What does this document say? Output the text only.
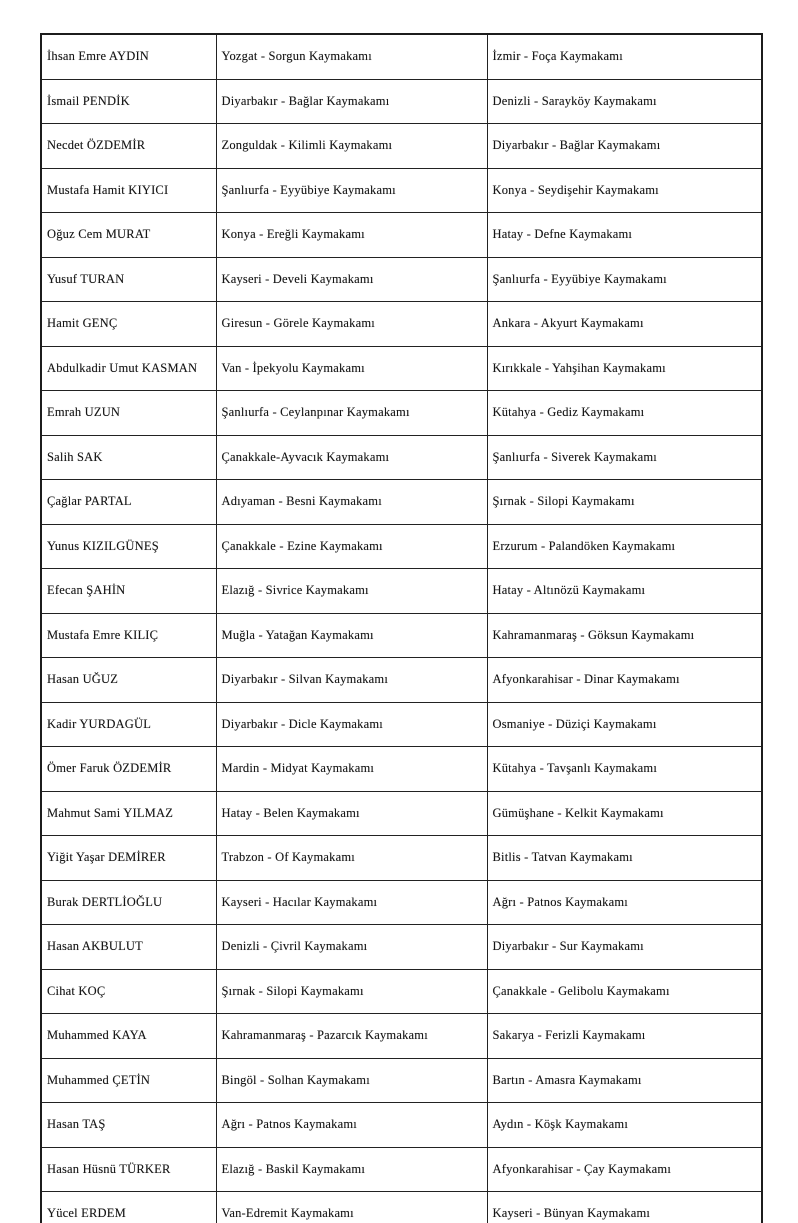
İhsan Emre AYDIN	Yozgat - Sorgun Kaymakamı	İzmir - Foça Kaymakamı
İsmail PENDİK	Diyarbakır - Bağlar Kaymakamı	Denizli - Sarayköy Kaymakamı
Necdet ÖZDEMİR	Zonguldak - Kilimli Kaymakamı	Diyarbakır - Bağlar Kaymakamı
Mustafa Hamit KIYICI	Şanlıurfa - Eyyübiye Kaymakamı	Konya - Seydişehir Kaymakamı
Oğuz Cem MURAT	Konya - Ereğli Kaymakamı	Hatay - Defne Kaymakamı
Yusuf TURAN	Kayseri - Develi Kaymakamı	Şanlıurfa - Eyyübiye Kaymakamı
Hamit GENÇ	Giresun - Görele Kaymakamı	Ankara - Akyurt Kaymakamı
Abdulkadir Umut KASMAN	Van - İpekyolu Kaymakamı	Kırıkkale - Yahşihan Kaymakamı
Emrah UZUN	Şanlıurfa - Ceylanpınar Kaymakamı	Kütahya - Gediz Kaymakamı
Salih SAK	Çanakkale-Ayvacık Kaymakamı	Şanlıurfa - Siverek Kaymakamı
Çağlar PARTAL	Adıyaman - Besni Kaymakamı	Şırnak - Silopi Kaymakamı
Yunus KIZILGÜNEŞ	Çanakkale - Ezine Kaymakamı	Erzurum - Palandöken Kaymakamı
Efecan ŞAHİN	Elazığ - Sivrice Kaymakamı	Hatay - Altınözü Kaymakamı
Mustafa Emre KILIÇ	Muğla - Yatağan Kaymakamı	Kahramanmaraş - Göksun Kaymakamı
Hasan UĞUZ	Diyarbakır - Silvan Kaymakamı	Afyonkarahisar - Dinar Kaymakamı
Kadir YURDAGÜL	Diyarbakır - Dicle Kaymakamı	Osmaniye - Düziçi Kaymakamı
Ömer Faruk ÖZDEMİR	Mardin - Midyat Kaymakamı	Kütahya - Tavşanlı Kaymakamı
Mahmut Sami YILMAZ	Hatay - Belen Kaymakamı	Gümüşhane - Kelkit Kaymakamı
Yiğit Yaşar DEMİRER	Trabzon - Of Kaymakamı	Bitlis - Tatvan Kaymakamı
Burak DERTLİOĞLU	Kayseri - Hacılar Kaymakamı	Ağrı - Patnos Kaymakamı
Hasan AKBULUT	Denizli - Çivril Kaymakamı	Diyarbakır - Sur Kaymakamı
Cihat KOÇ	Şırnak - Silopi Kaymakamı	Çanakkale - Gelibolu Kaymakamı
Muhammed KAYA	Kahramanmaraş - Pazarcık Kaymakamı	Sakarya - Ferizli Kaymakamı
Muhammed ÇETİN	Bingöl - Solhan Kaymakamı	Bartın - Amasra Kaymakamı
Hasan TAŞ	Ağrı - Patnos Kaymakamı	Aydın - Köşk Kaymakamı
Hasan Hüsnü TÜRKER	Elazığ - Baskil Kaymakamı	Afyonkarahisar - Çay Kaymakamı
Yücel ERDEM	Van-Edremit Kaymakamı	Kayseri - Bünyan Kaymakamı
